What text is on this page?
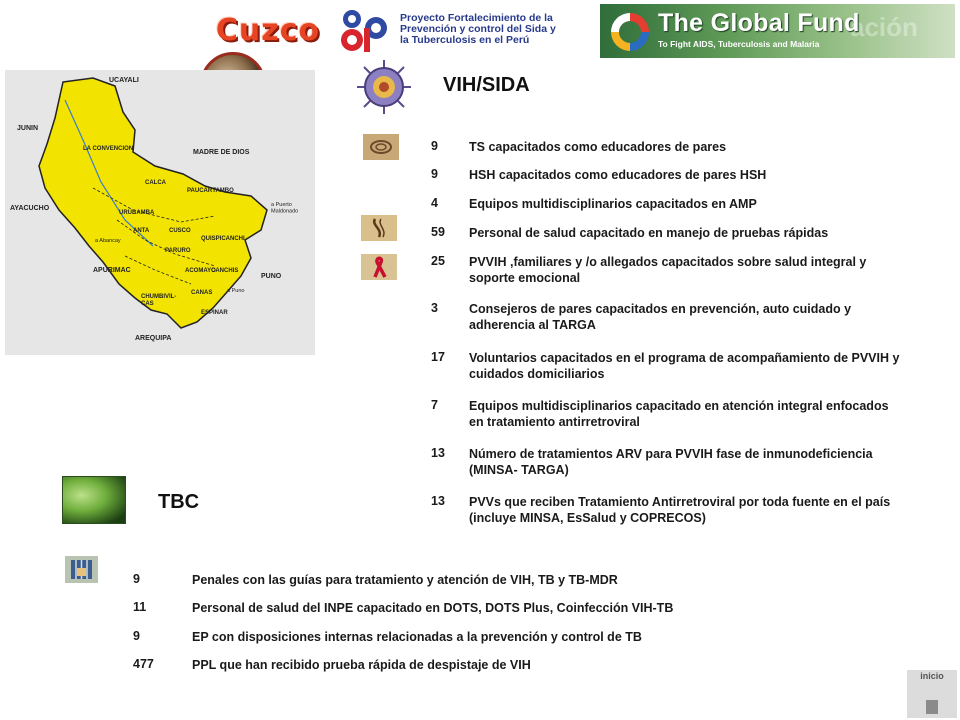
Cuzco	Proyecto Fortalecimiento de la
Prevención y control del Sida y
la Tuberculosis en el Perú	ación
The Global Fund
To Fight AIDS, Tuberculosis and Malaria
UCAYALI
JUNIN
LA CONVENCION	MADRE DE DIOS
AYACUCHO
CALCA
PAUCARTAMBO
URUBAMBA
ANTA	CUSCO
QUISPICANCHI
PARURO
ACOMAYO
APURIMAC	CANCHIS
PUNO
CHUMBIVIL-CAS
CANAS
ESPINAR
AREQUIPA
a Puerto Maldonado
a Abancay
a Puno
VIH/SIDA
9 TS capacitados como educadores de pares
9 HSH capacitados como educadores de pares HSH
4 Equipos multidisciplinarios capacitados en AMP
59 Personal de salud capacitado en manejo de pruebas rápidas
25 PVVIH ,familiares y /o allegados capacitados sobre salud integral y
soporte emocional
3 Consejeros de pares capacitados en prevención, auto cuidado y
adherencia al TARGA
17 Voluntarios capacitados en el programa de acompañamiento de PVVIH y
cuidados domiciliarios
7 Equipos multidisciplinarios capacitado en atención integral enfocados
en tratamiento antirretroviral
13 Número de tratamientos ARV para PVVIH fase de inmunodeficiencia
(MINSA- TARGA)
13 PVVs que reciben Tratamiento Antirretroviral por toda fuente en el país
(incluye MINSA, EsSalud y COPRECOS)
TBC
9	Penales con las guías para tratamiento y atención de VIH, TB y TB-MDR
11	Personal de salud del INPE capacitado en DOTS, DOTS Plus, Coinfección VIH-TB
9	EP con disposiciones internas relacionadas a la prevención y control de TB
477	PPL que han recibido prueba rápida de despistaje de VIH
inicio
